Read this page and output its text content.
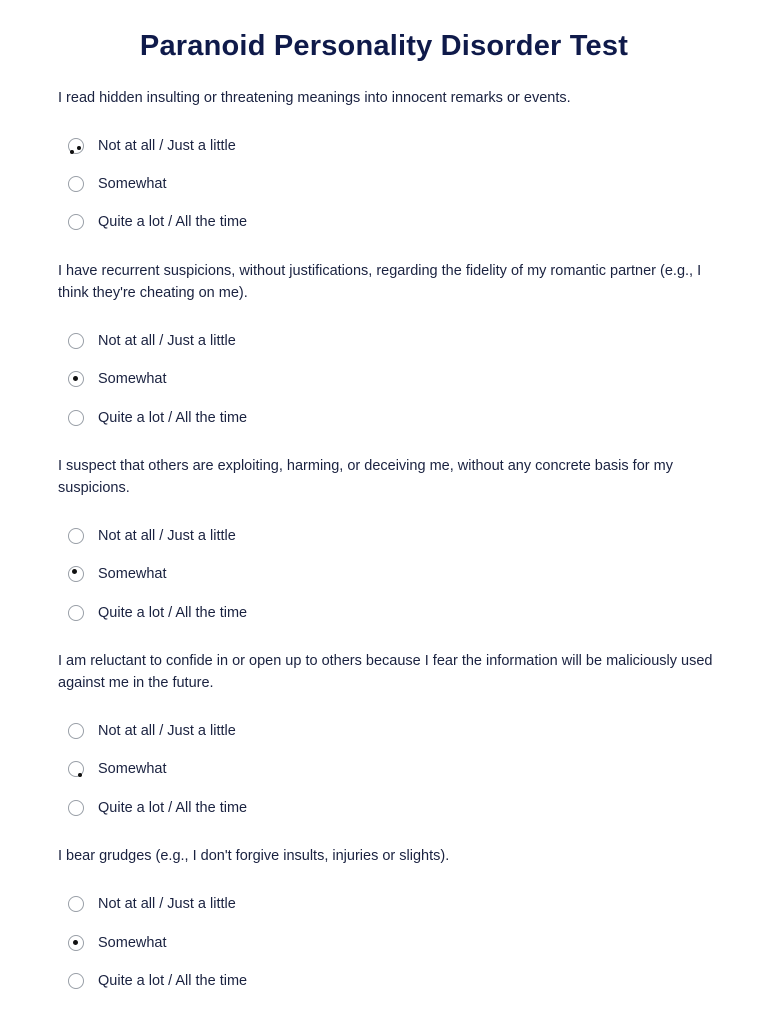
Paranoid Personality Disorder Test
I read hidden insulting or threatening meanings into innocent remarks or events.
Not at all / Just a little
Somewhat
Quite a lot / All the time
I have recurrent suspicions, without justifications, regarding the fidelity of my romantic partner (e.g., I think they're cheating on me).
Not at all / Just a little
Somewhat
Quite a lot / All the time
I suspect that others are exploiting, harming, or deceiving me, without any concrete basis for my suspicions.
Not at all / Just a little
Somewhat
Quite a lot / All the time
I am reluctant to confide in or open up to others because I fear the information will be maliciously used against me in the future.
Not at all / Just a little
Somewhat
Quite a lot / All the time
I bear grudges (e.g., I don't forgive insults, injuries or slights).
Not at all / Just a little
Somewhat
Quite a lot / All the time
